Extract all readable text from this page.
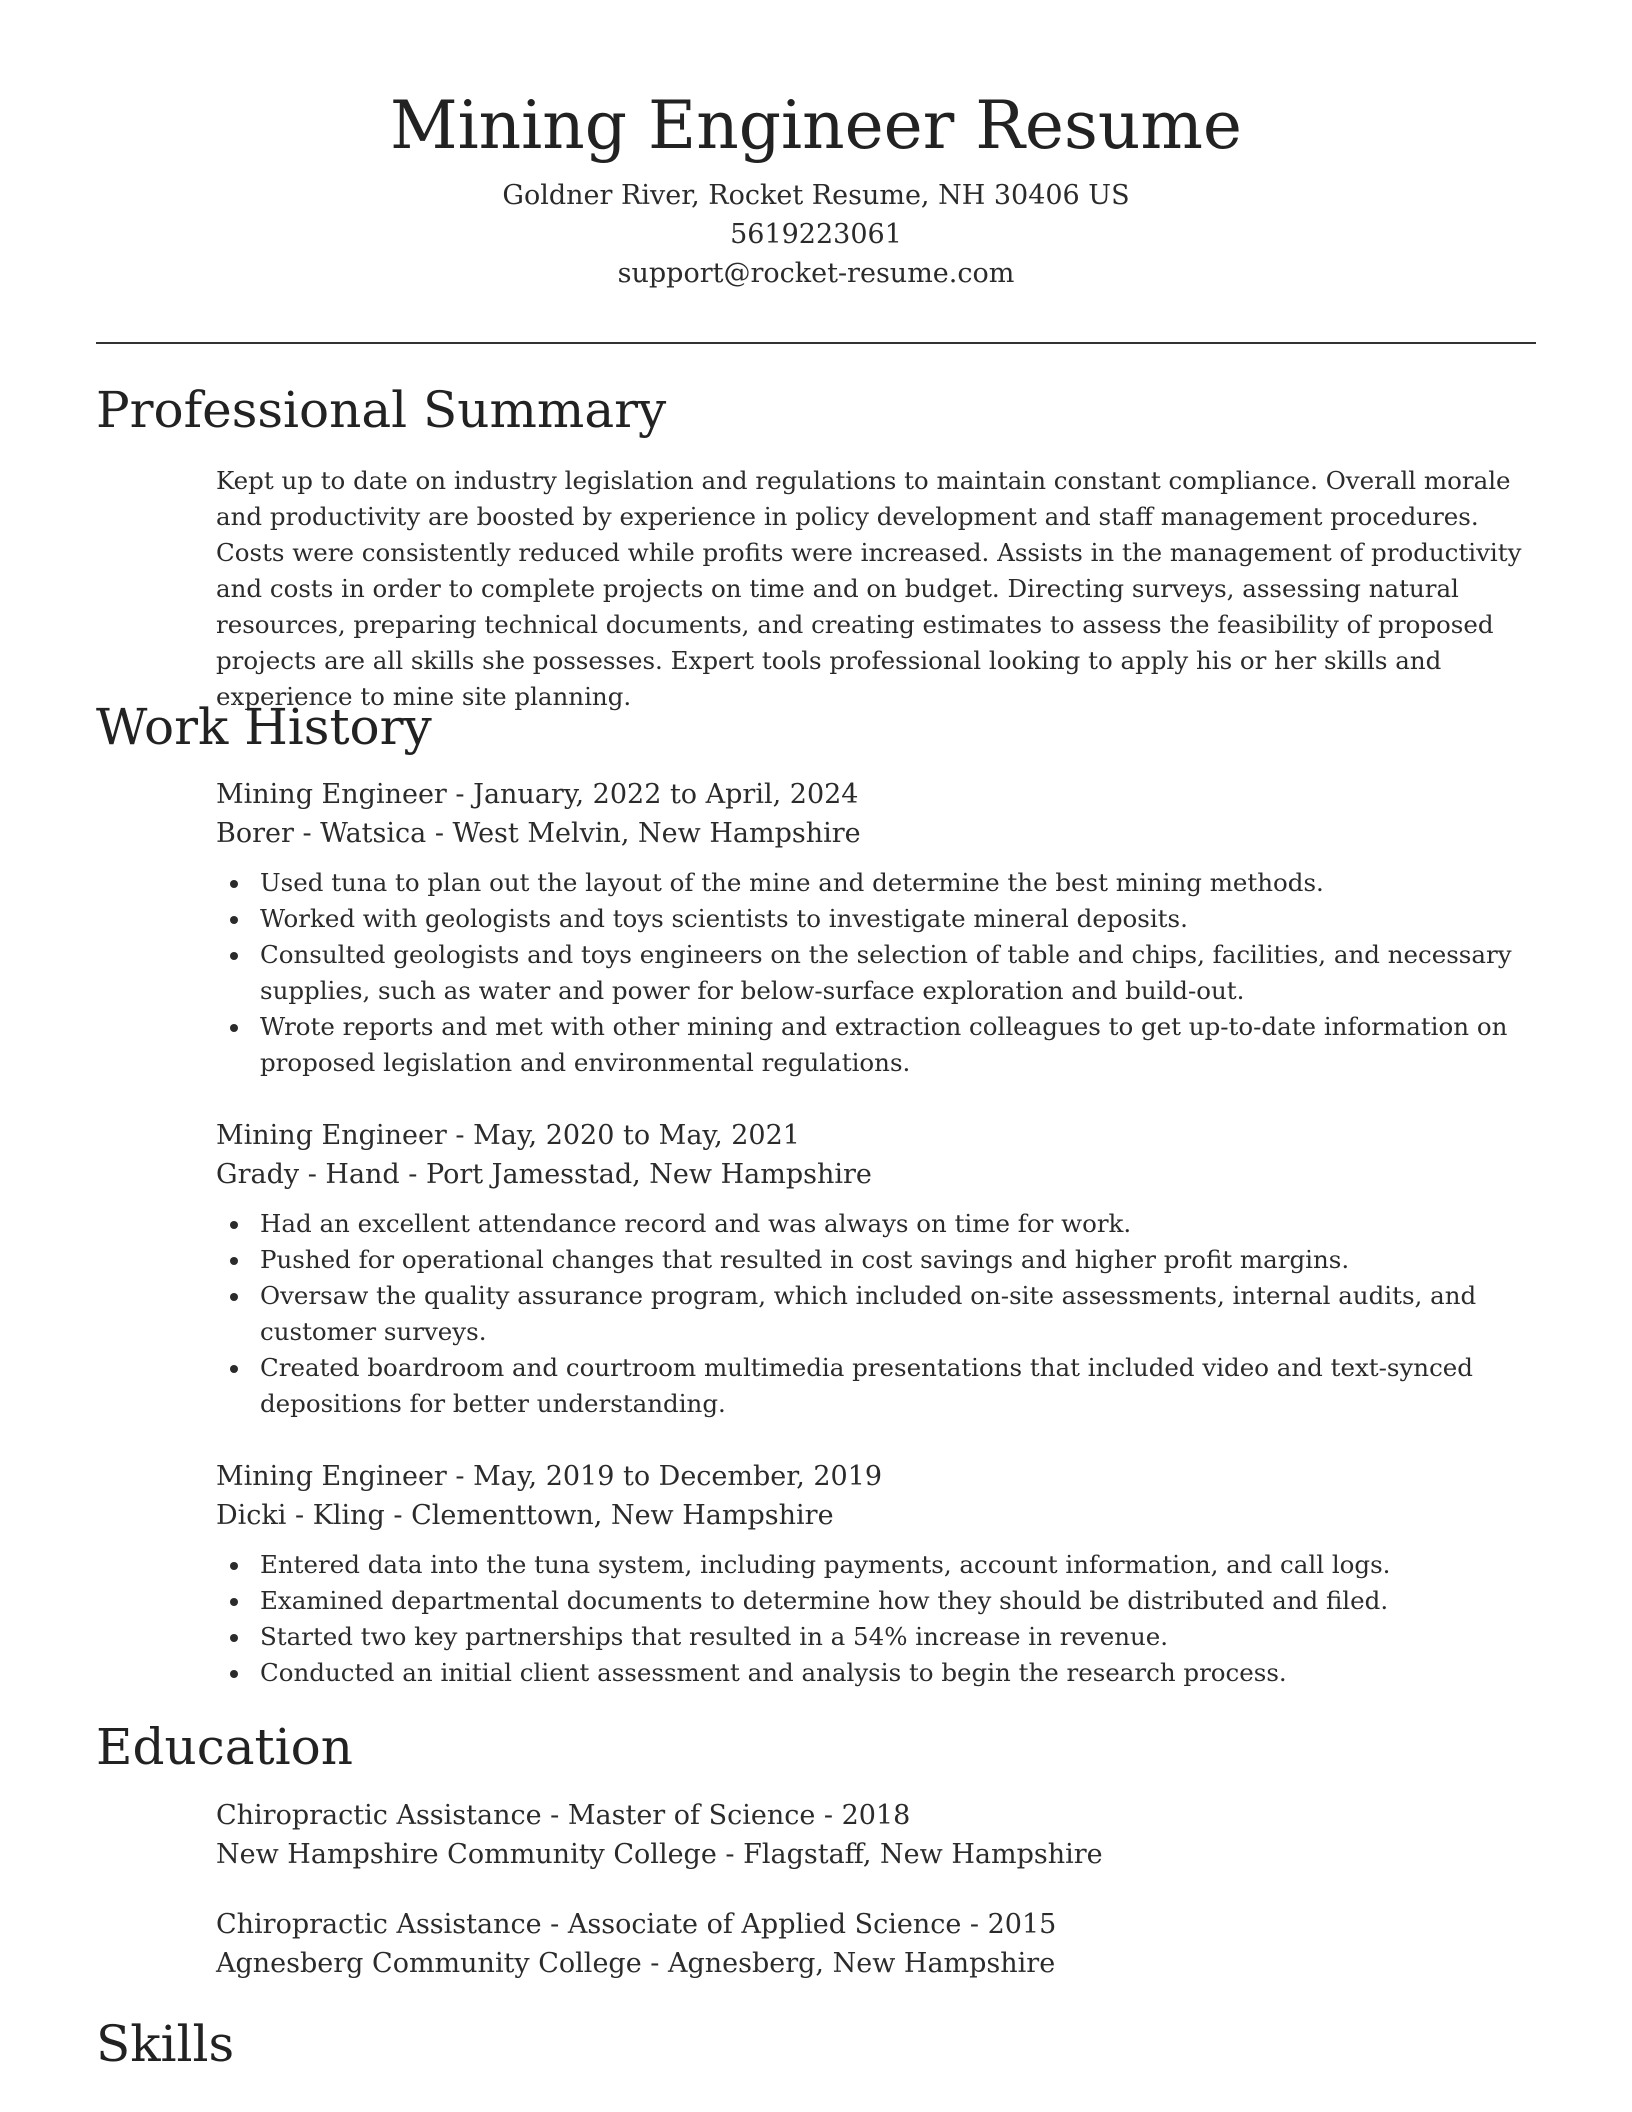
Mining Engineer Resume

Goldner River, Rocket Resume, NH 30406 US

5619223061

support@rocket-resume.com

Professional Summary

Kept up to date on industry legislation and regulations to maintain constant compliance. Overall morale and productivity are boosted by experience in policy development and staff management procedures. Costs were consistently reduced while profits were increased. Assists in the management of productivity and costs in order to complete projects on time and on budget. Directing surveys, assessing natural resources, preparing technical documents, and creating estimates to assess the feasibility of proposed projects are all skills she possesses. Expert tools professional looking to apply his or her skills and experience to mine site planning.

Work History

Mining Engineer - January, 2022 to April, 2024

Borer - Watsica - West Melvin, New Hampshire

Used tuna to plan out the layout of the mine and determine the best mining methods.
Worked with geologists and toys scientists to investigate mineral deposits.
Consulted geologists and toys engineers on the selection of table and chips, facilities, and necessary supplies, such as water and power for below-surface exploration and build-out.
Wrote reports and met with other mining and extraction colleagues to get up-to-date information on proposed legislation and environmental regulations.

Mining Engineer - May, 2020 to May, 2021

Grady - Hand - Port Jamesstad, New Hampshire

Had an excellent attendance record and was always on time for work.
Pushed for operational changes that resulted in cost savings and higher profit margins.
Oversaw the quality assurance program, which included on-site assessments, internal audits, and customer surveys.
Created boardroom and courtroom multimedia presentations that included video and text-synced depositions for better understanding.

Mining Engineer - May, 2019 to December, 2019

Dicki - Kling - Clementtown, New Hampshire

Entered data into the tuna system, including payments, account information, and call logs.
Examined departmental documents to determine how they should be distributed and filed.
Started two key partnerships that resulted in a 54% increase in revenue.
Conducted an initial client assessment and analysis to begin the research process.
Education

Chiropractic Assistance - Master of Science - 2018

New Hampshire Community College - Flagstaff, New Hampshire

Chiropractic Assistance - Associate of Applied Science - 2015

Agnesberg Community College - Agnesberg, New Hampshire

Skills
